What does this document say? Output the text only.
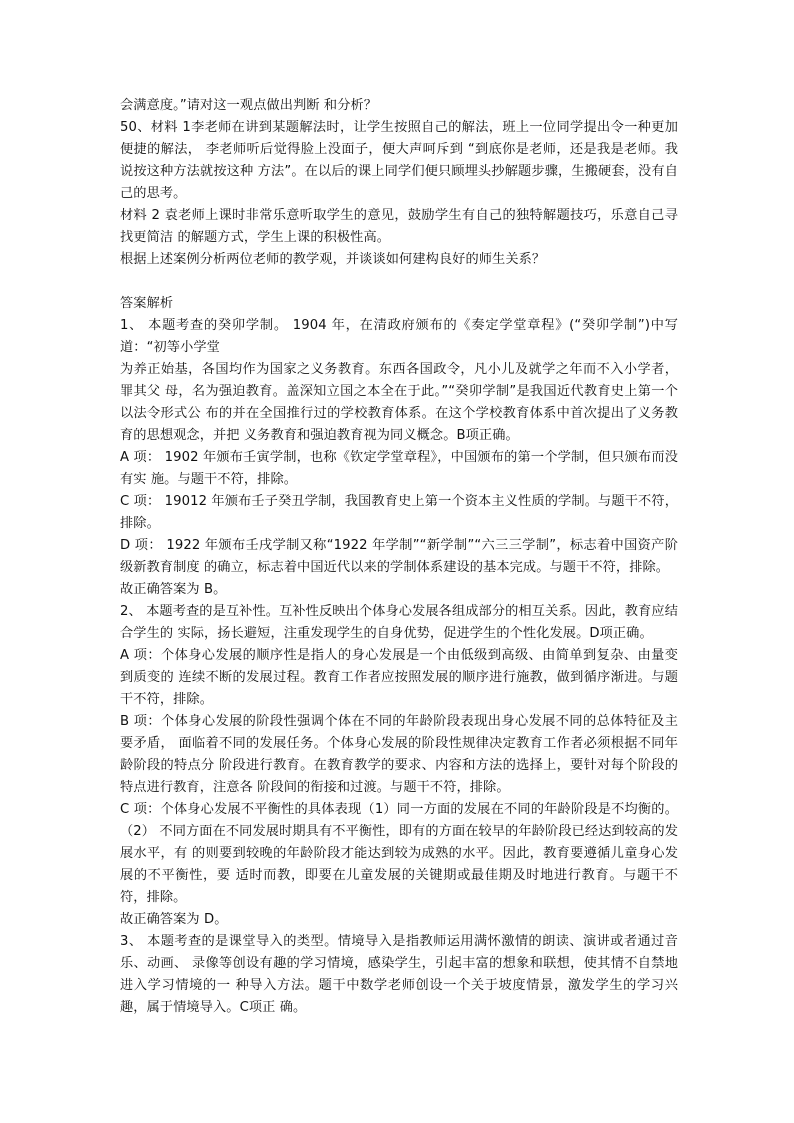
会满意度。”请对这一观点做出判断 和分析？

50、材料 1李老师在讲到某题解法时，让学生按照自己的解法，班上一位同学提出令一种更加便捷的解法， 李老师听后觉得脸上没面子，便大声呵斥到 “到底你是老师，还是我是老师。我说按这种方法就按这种 方法”。在以后的课上同学们便只顾埋头抄解题步骤，生搬硬套，没有自己的思考。

材料 2 袁老师上课时非常乐意听取学生的意见，鼓励学生有自己的独特解题技巧，乐意自己寻找更简洁 的解题方式，学生上课的积极性高。

根据上述案例分析两位老师的教学观，并谈谈如何建构良好的师生关系？

答案解析

1、 本题考查的癸卯学制。 1904 年，在清政府颁布的《奏定学堂章程》(“癸卯学制”)中写道：“初等小学堂

为养正始基，各国均作为国家之义务教育。东西各国政令，凡小儿及就学之年而不入小学者，罪其父 母，名为强迫教育。盖深知立国之本全在于此。”“癸卯学制”是我国近代教育史上第一个以法令形式公 布的并在全国推行过的学校教育体系。在这个学校教育体系中首次提出了义务教育的思想观念，并把 义务教育和强迫教育视为同义概念。B项正确。

A 项： 1902 年颁布壬寅学制，也称《钦定学堂章程》，中国颁布的第一个学制，但只颁布而没有实 施。与题干不符，排除。

C 项： 19012 年颁布壬子癸丑学制，我国教育史上第一个资本主义性质的学制。与题干不符，排除。

D 项： 1922 年颁布壬戌学制又称“1922 年学制”“新学制”“六三三学制”，标志着中国资产阶级新教育制度 的确立，标志着中国近代以来的学制体系建设的基本完成。与题干不符，排除。

故正确答案为 B。

2、 本题考查的是互补性。互补性反映出个体身心发展各组成部分的相互关系。因此，教育应结合学生的 实际，扬长避短，注重发现学生的自身优势，促进学生的个性化发展。D项正确。

A 项：个体身心发展的顺序性是指人的身心发展是一个由低级到高级、由简单到复杂、由量变到质变的 连续不断的发展过程。教育工作者应按照发展的顺序进行施教，做到循序渐进。与题干不符，排除。

B 项：个体身心发展的阶段性强调个体在不同的年龄阶段表现出身心发展不同的总体特征及主要矛盾， 面临着不同的发展任务。个体身心发展的阶段性规律决定教育工作者必须根据不同年龄阶段的特点分 阶段进行教育。在教育教学的要求、内容和方法的选择上，要针对每个阶段的特点进行教育，注意各 阶段间的衔接和过渡。与题干不符，排除。

C 项：个体身心发展不平衡性的具体表现（1）同一方面的发展在不同的年龄阶段是不均衡的。（2） 不同方面在不同发展时期具有不平衡性，即有的方面在较早的年龄阶段已经达到较高的发展水平，有 的则要到较晚的年龄阶段才能达到较为成熟的水平。因此，教育要遵循儿童身心发展的不平衡性，要 适时而教，即要在儿童发展的关键期或最佳期及时地进行教育。与题干不符，排除。

故正确答案为 D。

3、 本题考查的是课堂导入的类型。情境导入是指教师运用满怀激情的朗读、演讲或者通过音乐、动画、 录像等创设有趣的学习情境，感染学生，引起丰富的想象和联想，使其情不自禁地进入学习情境的一 种导入方法。题干中数学老师创设一个关于坡度情景，激发学生的学习兴趣，属于情境导入。C项正 确。
